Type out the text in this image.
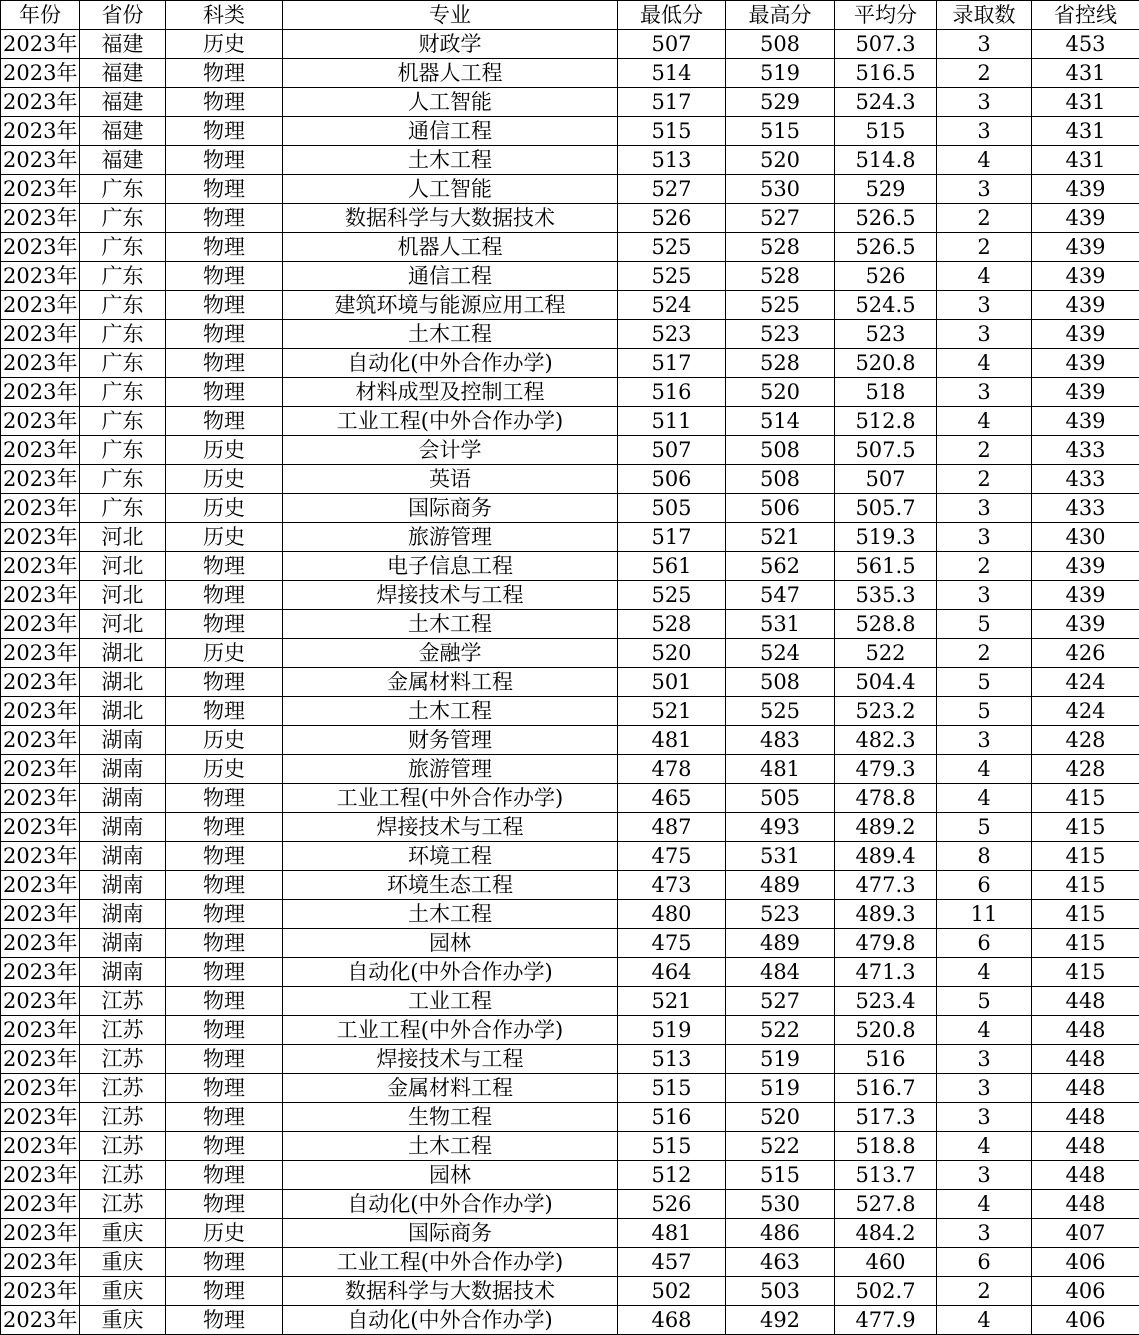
年份	省份	科类	专业	最低分	最高分	平均分	录取数	省控线
2023年	福建	历史	财政学	507	508	507.3	3	453
2023年	福建	物理	机器人工程	514	519	516.5	2	431
2023年	福建	物理	人工智能	517	529	524.3	3	431
2023年	福建	物理	通信工程	515	515	515	3	431
2023年	福建	物理	土木工程	513	520	514.8	4	431
2023年	广东	物理	人工智能	527	530	529	3	439
2023年	广东	物理	数据科学与大数据技术	526	527	526.5	2	439
2023年	广东	物理	机器人工程	525	528	526.5	2	439
2023年	广东	物理	通信工程	525	528	526	4	439
2023年	广东	物理	建筑环境与能源应用工程	524	525	524.5	3	439
2023年	广东	物理	土木工程	523	523	523	3	439
2023年	广东	物理	自动化(中外合作办学)	517	528	520.8	4	439
2023年	广东	物理	材料成型及控制工程	516	520	518	3	439
2023年	广东	物理	工业工程(中外合作办学)	511	514	512.8	4	439
2023年	广东	历史	会计学	507	508	507.5	2	433
2023年	广东	历史	英语	506	508	507	2	433
2023年	广东	历史	国际商务	505	506	505.7	3	433
2023年	河北	历史	旅游管理	517	521	519.3	3	430
2023年	河北	物理	电子信息工程	561	562	561.5	2	439
2023年	河北	物理	焊接技术与工程	525	547	535.3	3	439
2023年	河北	物理	土木工程	528	531	528.8	5	439
2023年	湖北	历史	金融学	520	524	522	2	426
2023年	湖北	物理	金属材料工程	501	508	504.4	5	424
2023年	湖北	物理	土木工程	521	525	523.2	5	424
2023年	湖南	历史	财务管理	481	483	482.3	3	428
2023年	湖南	历史	旅游管理	478	481	479.3	4	428
2023年	湖南	物理	工业工程(中外合作办学)	465	505	478.8	4	415
2023年	湖南	物理	焊接技术与工程	487	493	489.2	5	415
2023年	湖南	物理	环境工程	475	531	489.4	8	415
2023年	湖南	物理	环境生态工程	473	489	477.3	6	415
2023年	湖南	物理	土木工程	480	523	489.3	11	415
2023年	湖南	物理	园林	475	489	479.8	6	415
2023年	湖南	物理	自动化(中外合作办学)	464	484	471.3	4	415
2023年	江苏	物理	工业工程	521	527	523.4	5	448
2023年	江苏	物理	工业工程(中外合作办学)	519	522	520.8	4	448
2023年	江苏	物理	焊接技术与工程	513	519	516	3	448
2023年	江苏	物理	金属材料工程	515	519	516.7	3	448
2023年	江苏	物理	生物工程	516	520	517.3	3	448
2023年	江苏	物理	土木工程	515	522	518.8	4	448
2023年	江苏	物理	园林	512	515	513.7	3	448
2023年	江苏	物理	自动化(中外合作办学)	526	530	527.8	4	448
2023年	重庆	历史	国际商务	481	486	484.2	3	407
2023年	重庆	物理	工业工程(中外合作办学)	457	463	460	6	406
2023年	重庆	物理	数据科学与大数据技术	502	503	502.7	2	406
2023年	重庆	物理	自动化(中外合作办学)	468	492	477.9	4	406
